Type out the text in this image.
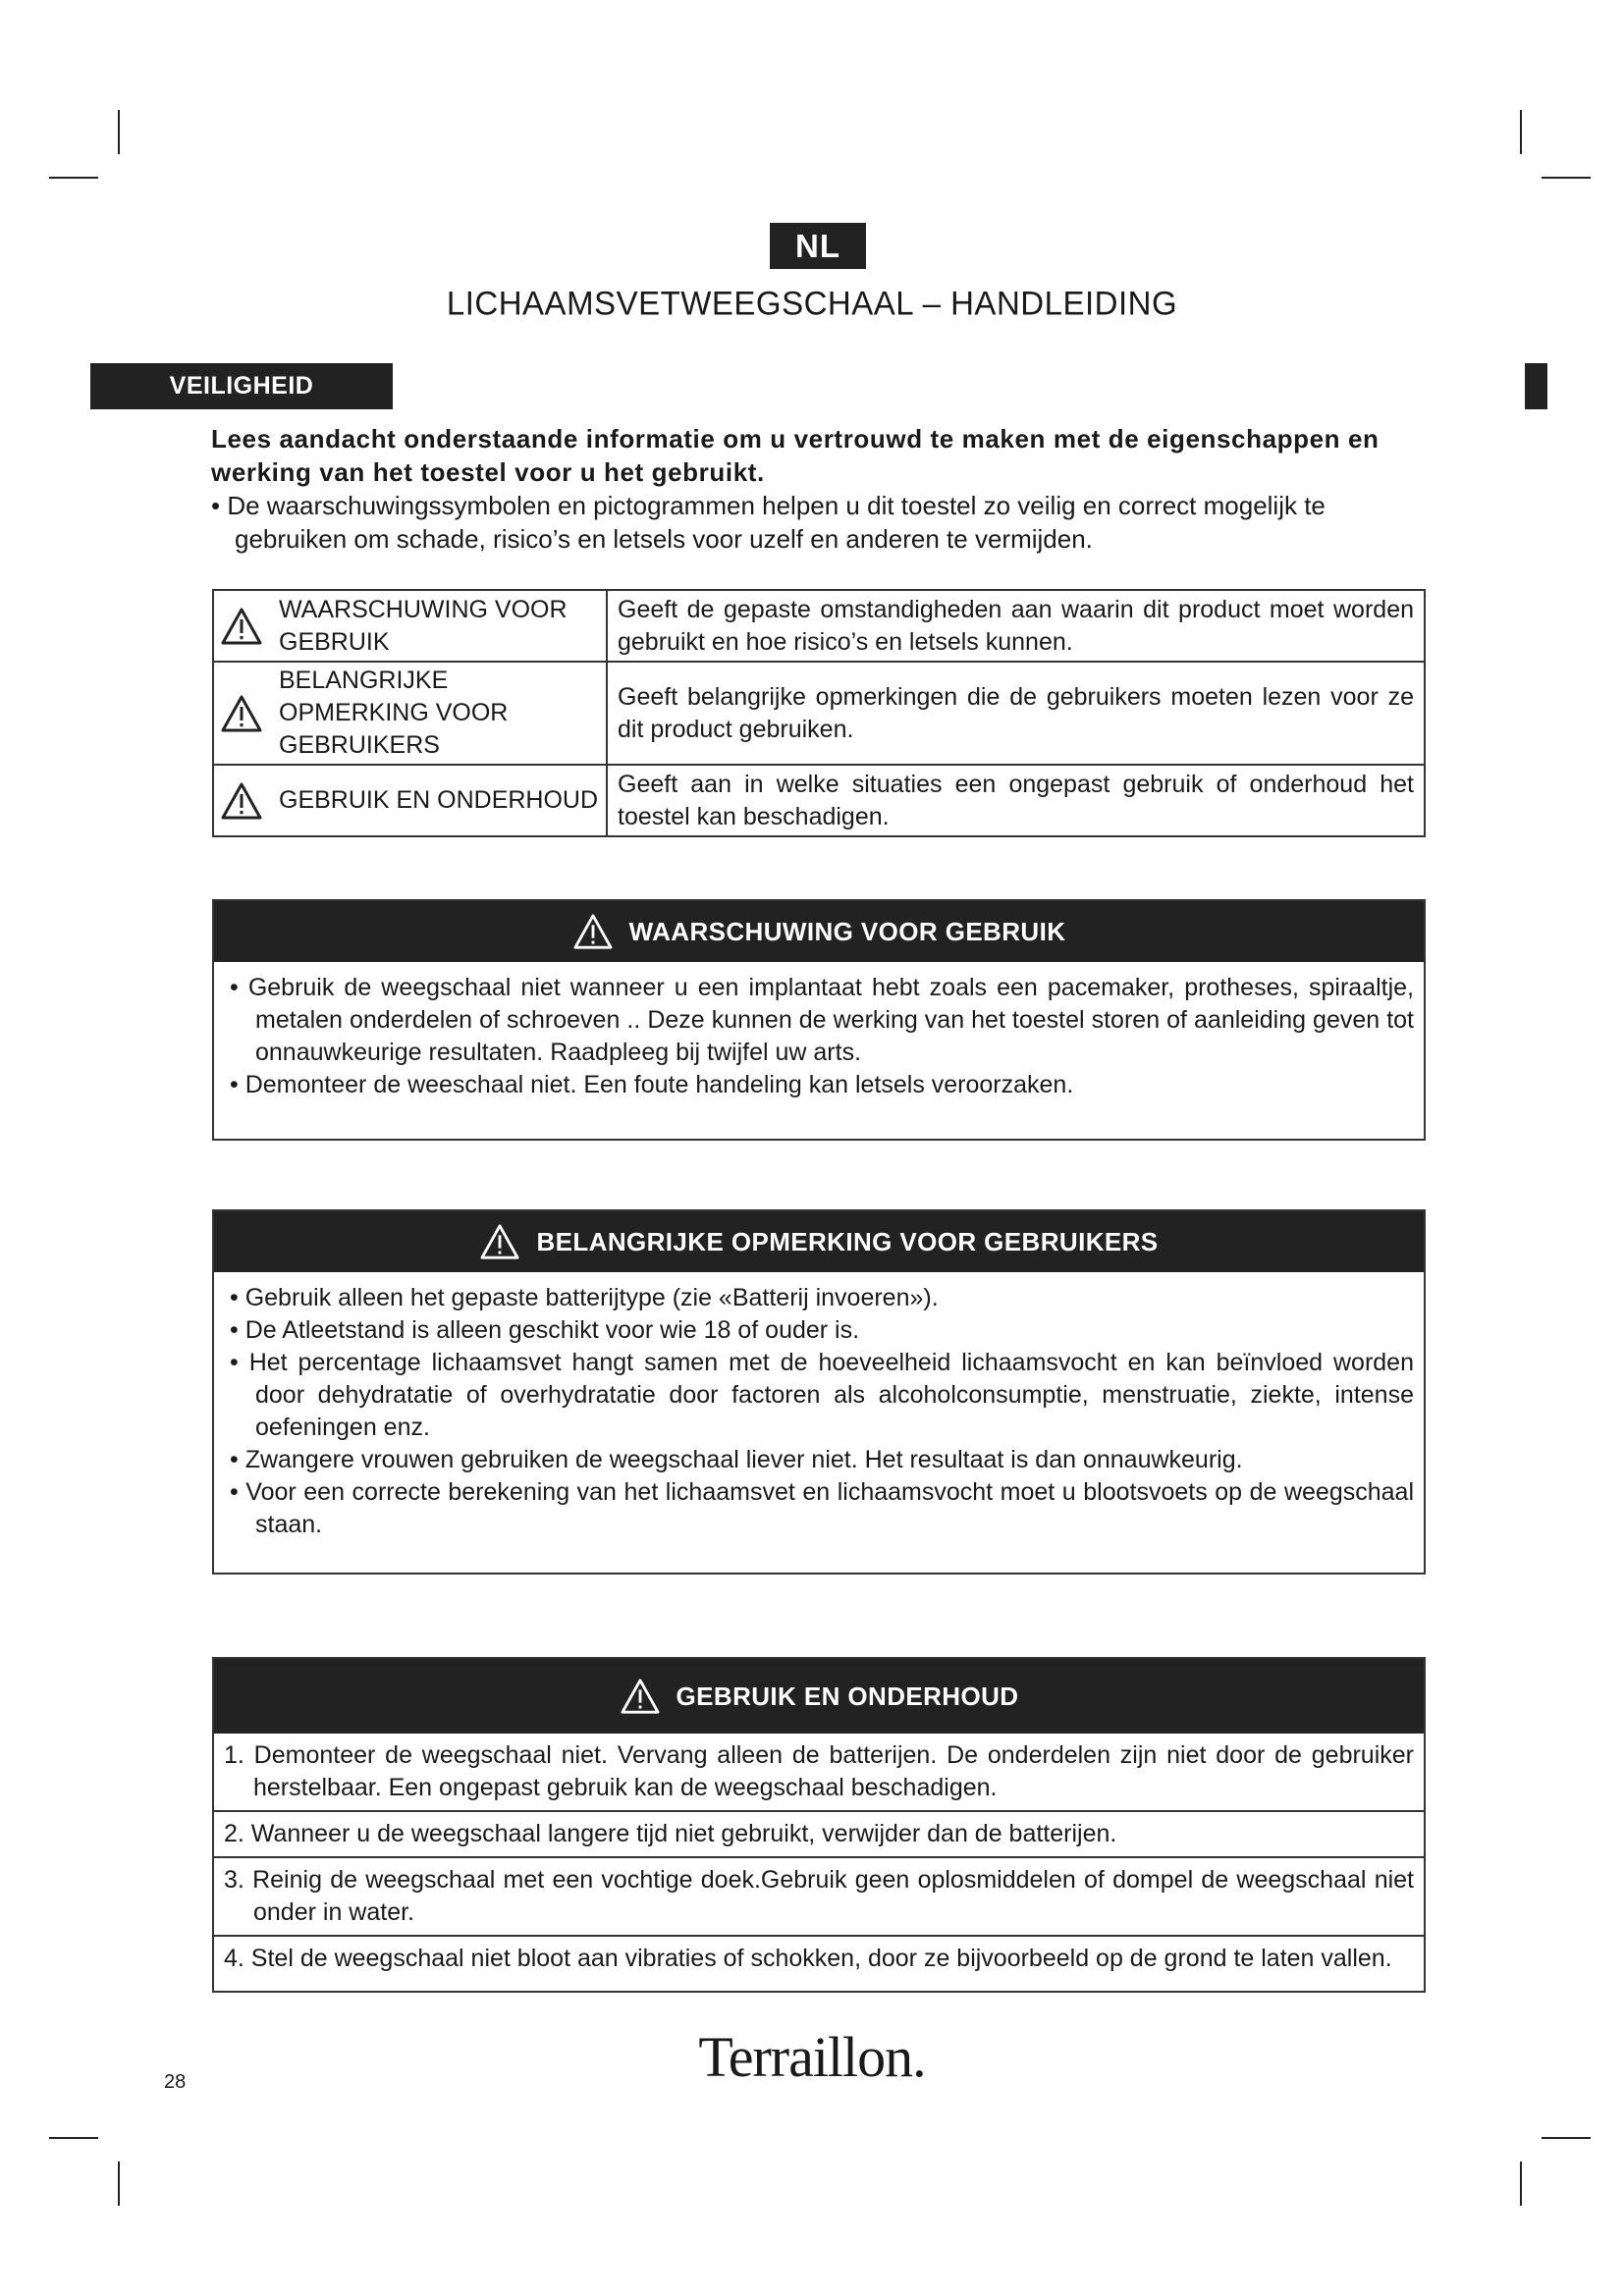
NL
LICHAAMSVETWEEGSCHAAL – HANDLEIDING
VEILIGHEID
Lees aandacht onderstaande informatie om u vertrouwd te maken met de eigenschappen en werking van het toestel voor u het gebruikt.
• De waarschuwingssymbolen en pictogrammen helpen u dit toestel zo veilig en correct mogelijk te gebruiken om schade, risico’s en letsels voor uzelf en anderen te vermijden.
WAARSCHUWING VOOR GEBRUIK	Geeft de gepaste omstandigheden aan waarin dit product moet worden gebruikt en hoe risico’s en letsels kunnen.

BELANGRIJKE OPMERKING VOOR GEBRUIKERS	Geeft belangrijke opmerkingen die de gebruikers moeten lezen voor ze dit product gebruiken.

GEBRUIK EN ONDERHOUD	Geeft aan in welke situaties een ongepast gebruik of onderhoud het toestel kan beschadigen.
WAARSCHUWING VOOR GEBRUIK
• Gebruik de weegschaal niet wanneer u een implantaat hebt zoals een pacemaker, protheses, spiraaltje, metalen onderdelen of schroeven .. Deze kunnen de werking van het toestel storen of aanleiding geven tot onnauwkeurige resultaten. Raadpleeg bij twijfel uw arts.
• Demonteer de weeschaal niet. Een foute handeling kan letsels veroorzaken.
BELANGRIJKE OPMERKING VOOR GEBRUIKERS
• Gebruik alleen het gepaste batterijtype (zie «Batterij invoeren»).
• De Atleetstand is alleen geschikt voor wie 18 of ouder is.
• Het percentage lichaamsvet hangt samen met de hoeveelheid lichaamsvocht en kan beïnvloed worden door dehydratatie of overhydratatie door factoren als alcoholconsumptie, menstruatie, ziekte, intense oefeningen enz.
• Zwangere vrouwen gebruiken de weegschaal liever niet. Het resultaat is dan onnauwkeurig.
• Voor een correcte berekening van het lichaamsvet en lichaamsvocht moet u blootsvoets op de weegschaal staan.
GEBRUIK EN ONDERHOUD
1. Demonteer de weegschaal niet. Vervang alleen de batterijen. De onderdelen zijn niet door de gebruiker herstelbaar. Een ongepast gebruik kan de weegschaal beschadigen.
2. Wanneer u de weegschaal langere tijd niet gebruikt, verwijder dan de batterijen.
3. Reinig de weegschaal met een vochtige doek.Gebruik geen oplosmiddelen of dompel de weegschaal niet onder in water.
4. Stel de weegschaal niet bloot aan vibraties of schokken, door ze bijvoorbeeld op de grond te laten vallen.
28	Terraillon.
